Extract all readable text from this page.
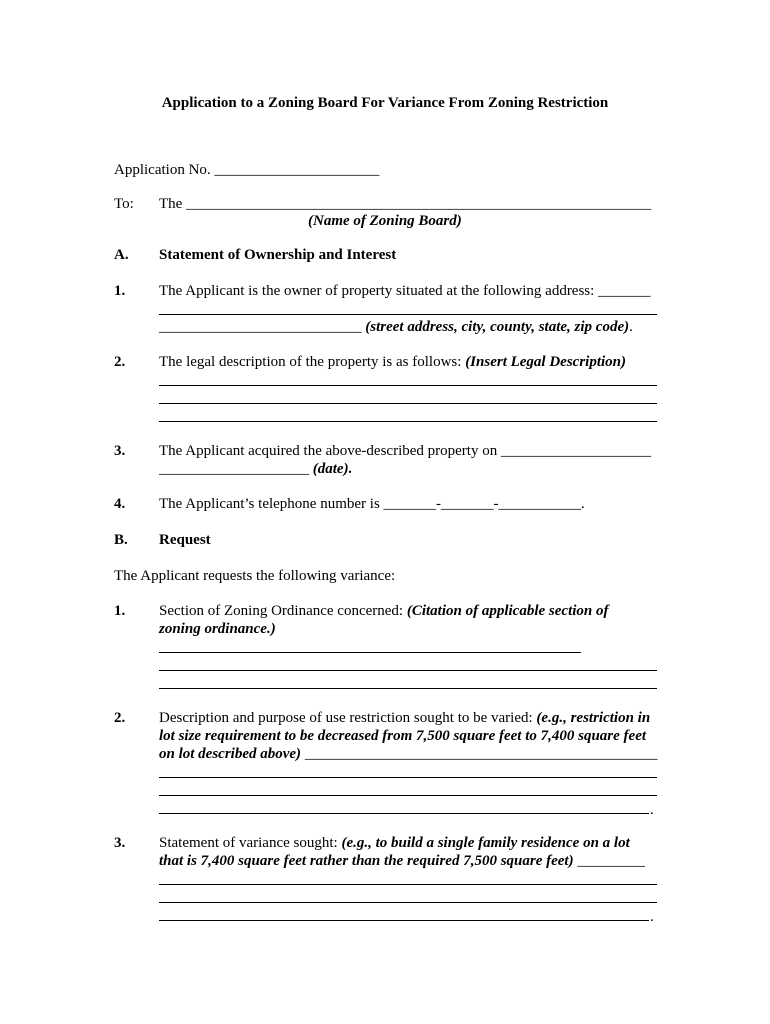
Application to a Zoning Board For Variance From Zoning Restriction
Application No. ______________________
To: The ______________________________________________________________
(Name of Zoning Board)
A. Statement of Ownership and Interest
1. The Applicant is the owner of property situated at the following address: _______
___________________________ (street address, city, county, state, zip code).
2. The legal description of the property is as follows: (Insert Legal Description)
3. The Applicant acquired the above-described property on ____________________
____________________ (date).
4. The Applicant’s telephone number is _______-_______-___________.
B. Request
The Applicant requests the following variance:
1. Section of Zoning Ordinance concerned: (Citation of applicable section of
zoning ordinance.)
2. Description and purpose of use restriction sought to be varied: (e.g., restriction in
lot size requirement to be decreased from 7,500 square feet to 7,400 square feet
on lot described above) _______________________________________________
.
3. Statement of variance sought: (e.g., to build a single family residence on a lot
that is 7,400 square feet rather than the required 7,500 square feet) _________
.
